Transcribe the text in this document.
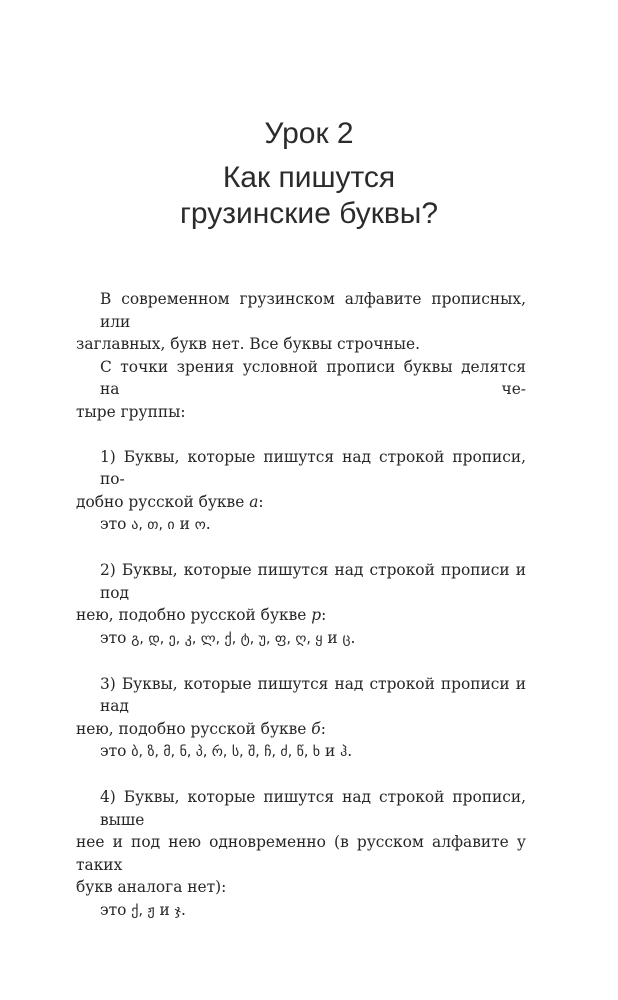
Урок 2
Как пишутся
грузинские буквы?
В современном грузинском алфавите прописных, или
заглавных, букв нет. Все буквы строчные.
С точки зрения условной прописи буквы делятся на че-
тыре группы:
1) Буквы, которые пишутся над строкой прописи, по-
добно русской букве а:
это ა, თ, ი и ო.
2) Буквы, которые пишутся над строкой прописи и под
нею, подобно русской букве р:
это გ, დ, ე, კ, ლ, ქ, ტ, უ, ფ, ღ, ყ и ც.
3) Буквы, которые пишутся над строкой прописи и над
нею, подобно русской букве б:
это ბ, ზ, მ, ნ, პ, რ, ს, შ, ჩ, ძ, წ, ხ и ჰ.
4) Буквы, которые пишутся над строкой прописи, выше
нее и под нею одновременно (в русском алфавите у таких
букв аналога нет):
это ქ, ჟ и ჯ.
